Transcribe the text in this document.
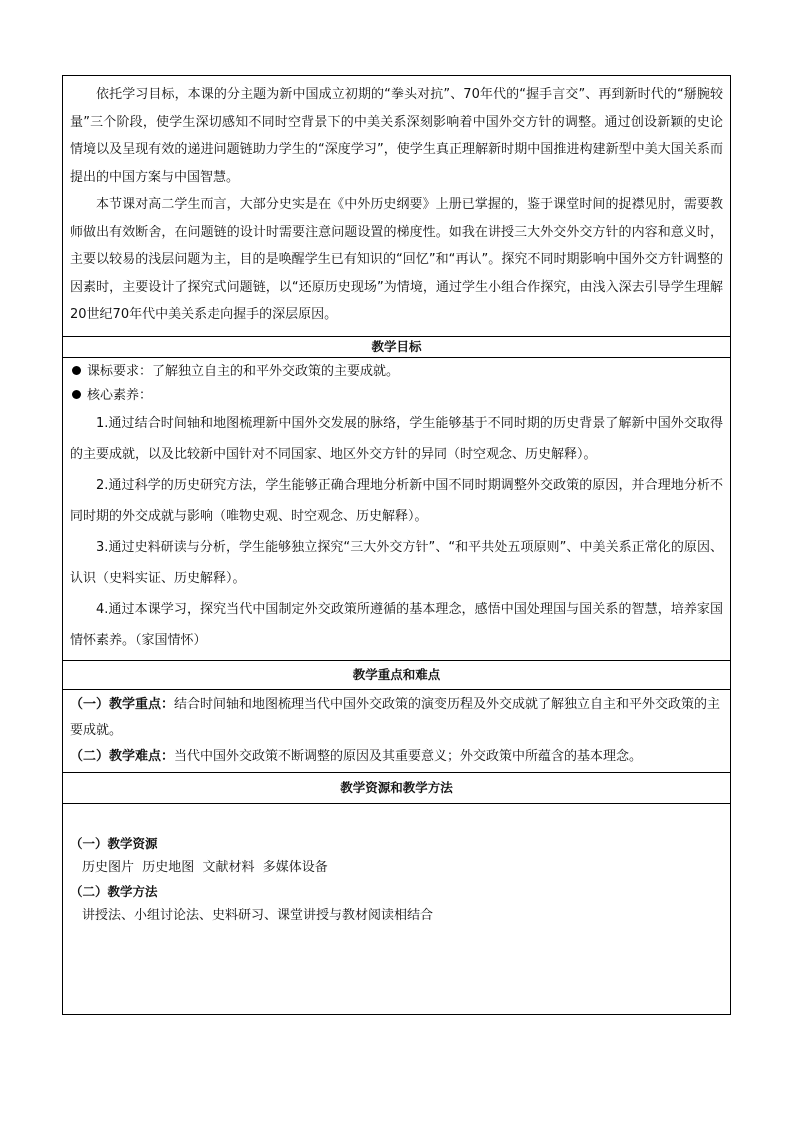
依托学习目标，本课的分主题为新中国成立初期的“拳头对抗”、70年代的“握手言交”、再到新时代的“掰腕较量”三个阶段，使学生深切感知不同时空背景下的中美关系深刻影响着中国外交方针的调整。通过创设新颖的史论情境以及呈现有效的递进问题链助力学生的“深度学习”，使学生真正理解新时期中国推进构建新型中美大国关系而提出的中国方案与中国智慧。

本节课对高二学生而言，大部分史实是在《中外历史纲要》上册已掌握的，鉴于课堂时间的捉襟见肘，需要教师做出有效断舍，在问题链的设计时需要注意问题设置的梯度性。如我在讲授三大外交外交方针的内容和意义时，主要以较易的浅层问题为主，目的是唤醒学生已有知识的“回忆”和“再认”。探究不同时期影响中国外交方针调整的因素时，主要设计了探究式问题链，以“还原历史现场”为情境，通过学生小组合作探究，由浅入深去引导学生理解20世纪70年代中美关系走向握手的深层原因。

教学目标

课标要求：了解独立自主的和平外交政策的主要成就。

核心素养：

1.通过结合时间轴和地图梳理新中国外交发展的脉络，学生能够基于不同时期的历史背景了解新中国外交取得的主要成就，以及比较新中国针对不同国家、地区外交方针的异同（时空观念、历史解释）。

2.通过科学的历史研究方法，学生能够正确合理地分析新中国不同时期调整外交政策的原因，并合理地分析不同时期的外交成就与影响（唯物史观、时空观念、历史解释）。

3.通过史料研读与分析，学生能够独立探究“三大外交方针”、“和平共处五项原则”、中美关系正常化的原因、认识（史料实证、历史解释）。

4.通过本课学习，探究当代中国制定外交政策所遵循的基本理念，感悟中国处理国与国关系的智慧，培养家国情怀素养。（家国情怀）

教学重点和难点

（一）教学重点：结合时间轴和地图梳理当代中国外交政策的演变历程及外交成就了解独立自主和平外交政策的主要成就。

（二）教学难点：当代中国外交政策不断调整的原因及其重要意义；外交政策中所蕴含的基本理念。

教学资源和教学方法

（一）教学资源

历史图片  历史地图  文献材料  多媒体设备

（二）教学方法

讲授法、小组讨论法、史料研习、课堂讲授与教材阅读相结合
